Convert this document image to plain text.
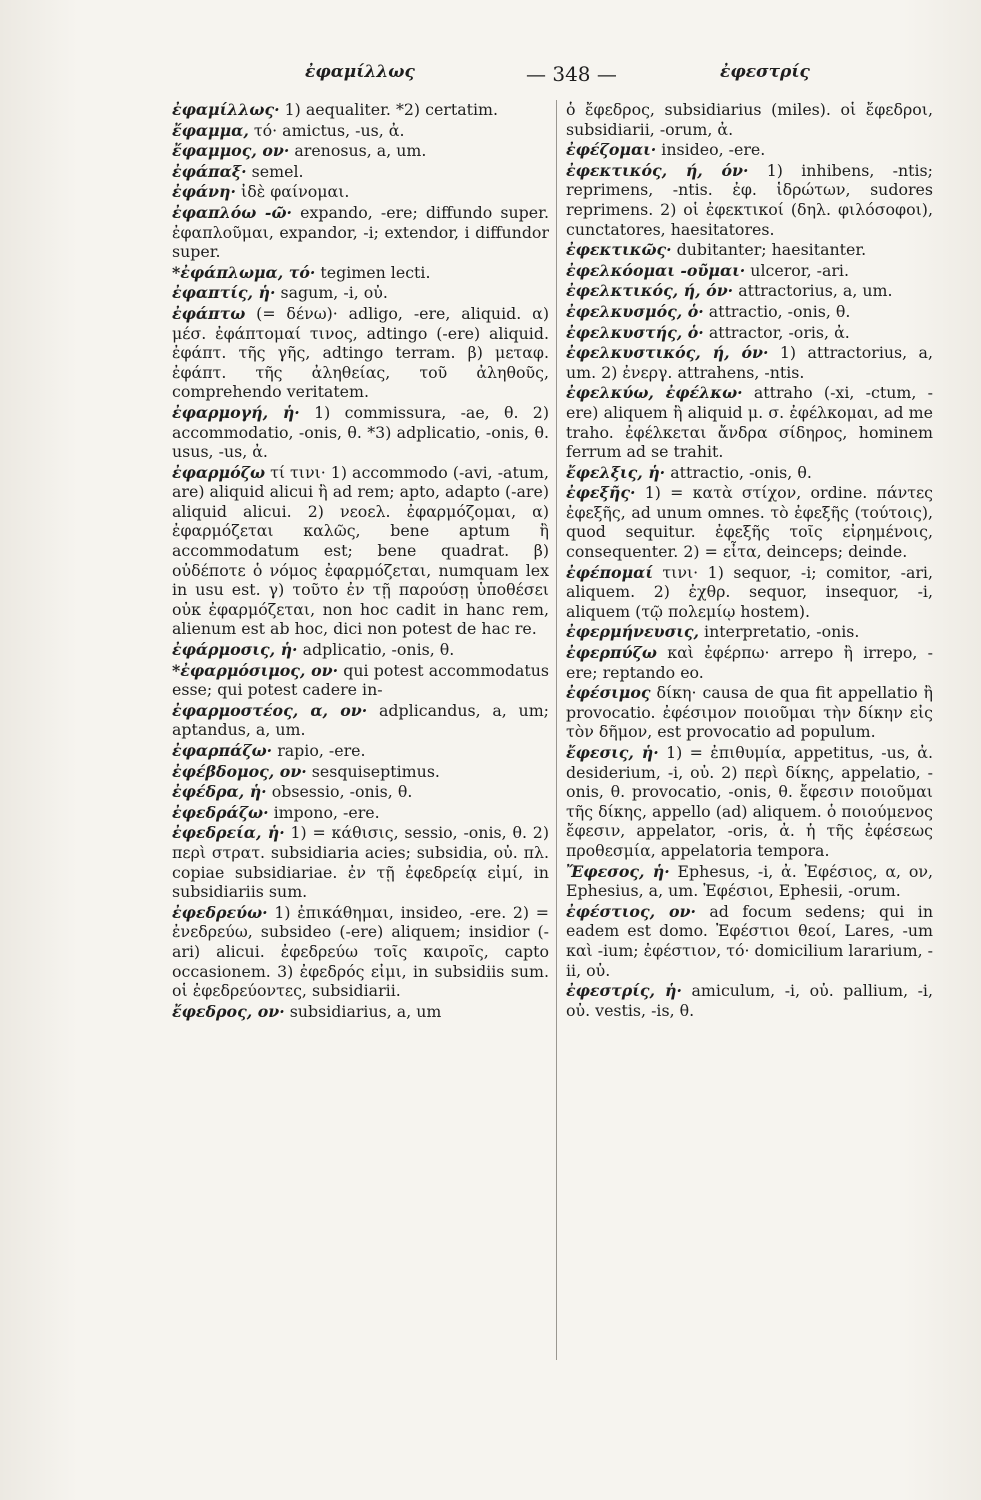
ἐφαμίλλως	— 348 —	ἐφεστρίς

ἐφαμίλλως· 1) aequaliter. *2) certatim.

ἔφαμμα, τό· amictus, -us, ἀ.

ἔφαμμος, ον· arenosus, a, um.

ἐφάπαξ· semel.

ἐφάνη· ἰδὲ φαίνομαι.

ἐφαπλόω -ῶ· expando, -ere; diffundo super. ἐφαπλοῦμαι, expandor, -i; extendor, i diffundor super.

*ἐφάπλωμα, τό· tegimen lecti.

ἐφαπτίς, ἡ· sagum, -i, οὐ.

ἐφάπτω (= δένω)· adligo, -ere, aliquid. α) μέσ. ἐφάπτομαί τινος, adtingo (-ere) aliquid. ἐφάπτ. τῆς γῆς, adtingo terram. β) μεταφ. ἐφάπτ. τῆς ἀληθείας, τοῦ ἀληθοῦς, comprehendo veritatem.

ἐφαρμογή, ἡ· 1) commissura, -ae, θ. 2) accommodatio, -onis, θ. *3) adplicatio, -onis, θ. usus, -us, ἀ.

ἐφαρμόζω τί τινι· 1) accommodo (-avi, -atum, are) aliquid alicui ἢ ad rem; apto, adapto (-are) aliquid alicui. 2) νεοελ. ἐφαρμόζομαι, α) ἐφαρμόζεται καλῶς, bene aptum ἢ accommodatum est; bene quadrat. β) οὐδέποτε ὁ νόμος ἐφαρμόζεται, numquam lex in usu est. γ) τοῦτο ἐν τῇ παρούσῃ ὑποθέσει οὐκ ἐφαρμόζεται, non hoc cadit in hanc rem, alienum est ab hoc, dici non potest de hac re.

ἐφάρμοσις, ἡ· adplicatio, -onis, θ.

*ἐφαρμόσιμος, ον· qui potest accommodatus esse; qui potest cadere in-

ἐφαρμοστέος, α, ον· adplicandus, a, um; aptandus, a, um.

ἐφαρπάζω· rapio, -ere.

ἐφέβδομος, ον· sesquiseptimus.

ἐφέδρα, ἡ· obsessio, -onis, θ.

ἐφεδράζω· impono, -ere.

ἐφεδρεία, ἡ· 1) = κάθισις, sessio, -onis, θ. 2) περὶ στρατ. subsidiaria acies; subsidia, οὐ. πλ. copiae subsidiariae. ἐν τῇ ἐφεδρείᾳ εἰμί, in subsidiariis sum.

ἐφεδρεύω· 1) ἐπικάθημαι, insideo, -ere. 2) = ἐνεδρεύω, subsideo (-ere) aliquem; insidior (-ari) alicui. ἐφεδρεύω τοῖς καιροῖς, capto occasionem. 3) ἐφεδρός εἰμι, in subsidiis sum. οἱ ἐφεδρεύοντες, subsidiarii.

ἔφεδρος, ον· subsidiarius, a, um

ὁ ἔφεδρος, subsidiarius (miles). οἱ ἔφεδροι, subsidiarii, -orum, ἀ.

ἐφέζομαι· insideo, -ere.

ἐφεκτικός, ή, όν· 1) inhibens, -ntis; reprimens, -ntis. ἐφ. ἱδρώτων, sudores reprimens. 2) οἱ ἐφεκτικοί (δηλ. φιλόσοφοι), cunctatores, haesitatores.

ἐφεκτικῶς· dubitanter; haesitanter.

ἐφελκόομαι -οῦμαι· ulceror, -ari.

ἐφελκτικός, ή, όν· attractorius, a, um.

ἐφελκυσμός, ὁ· attractio, -onis, θ.

ἐφελκυστής, ὁ· attractor, -oris, ἀ.

ἐφελκυστικός, ή, όν· 1) attractorius, a, um. 2) ἐνεργ. attrahens, -ntis.

ἐφελκύω, ἐφέλκω· attraho (-xi, -ctum, -ere) aliquem ἢ aliquid μ. σ. ἐφέλκομαι, ad me traho. ἐφέλκεται ἄνδρα σίδηρος, hominem ferrum ad se trahit.

ἔφελξις, ἡ· attractio, -onis, θ.

ἐφεξῆς· 1) = κατὰ στίχον, ordine. πάντες ἐφεξῆς, ad unum omnes. τὸ ἐφεξῆς (τούτοις), quod sequitur. ἐφεξῆς τοῖς εἰρημένοις, consequenter. 2) = εἶτα, deinceps; deinde.

ἐφέπομαί τινι· 1) sequor, -i; comitor, -ari, aliquem. 2) ἐχθρ. sequor, insequor, -i, aliquem (τῷ πολεμίῳ hostem).

ἐφερμήνευσις, interpretatio, -onis.

ἐφερπύζω καὶ ἐφέρπω· arrepo ἢ irrepo, -ere; reptando eo.

ἐφέσιμος δίκη· causa de qua fit appellatio ἢ provocatio. ἐφέσιμον ποιοῦμαι τὴν δίκην εἰς τὸν δῆμον, est provocatio ad populum.

ἔφεσις, ἡ· 1) = ἐπιθυμία, appetitus, -us, ἀ. desiderium, -i, οὐ. 2) περὶ δίκης, appelatio, -onis, θ. provocatio, -onis, θ. ἔφεσιν ποιοῦμαι τῆς δίκης, appello (ad) aliquem. ὁ ποιούμενος ἔφεσιν, appelator, -oris, ἀ. ἡ τῆς ἐφέσεως προθεσμία, appelatoria tempora.

Ἔφεσος, ἡ· Ephesus, -i, ἀ. Ἐφέσιος, α, ον, Ephesius, a, um. Ἐφέσιοι, Ephesii, -orum.

ἐφέστιος, ον· ad focum sedens; qui in eadem est domo. Ἐφέστιοι θεοί, Lares, -um καὶ -ium; ἐφέστιον, τό· domicilium lararium, -ii, οὐ.

ἐφεστρίς, ἡ· amiculum, -i, οὐ. pallium, -i, οὐ. vestis, -is, θ.
